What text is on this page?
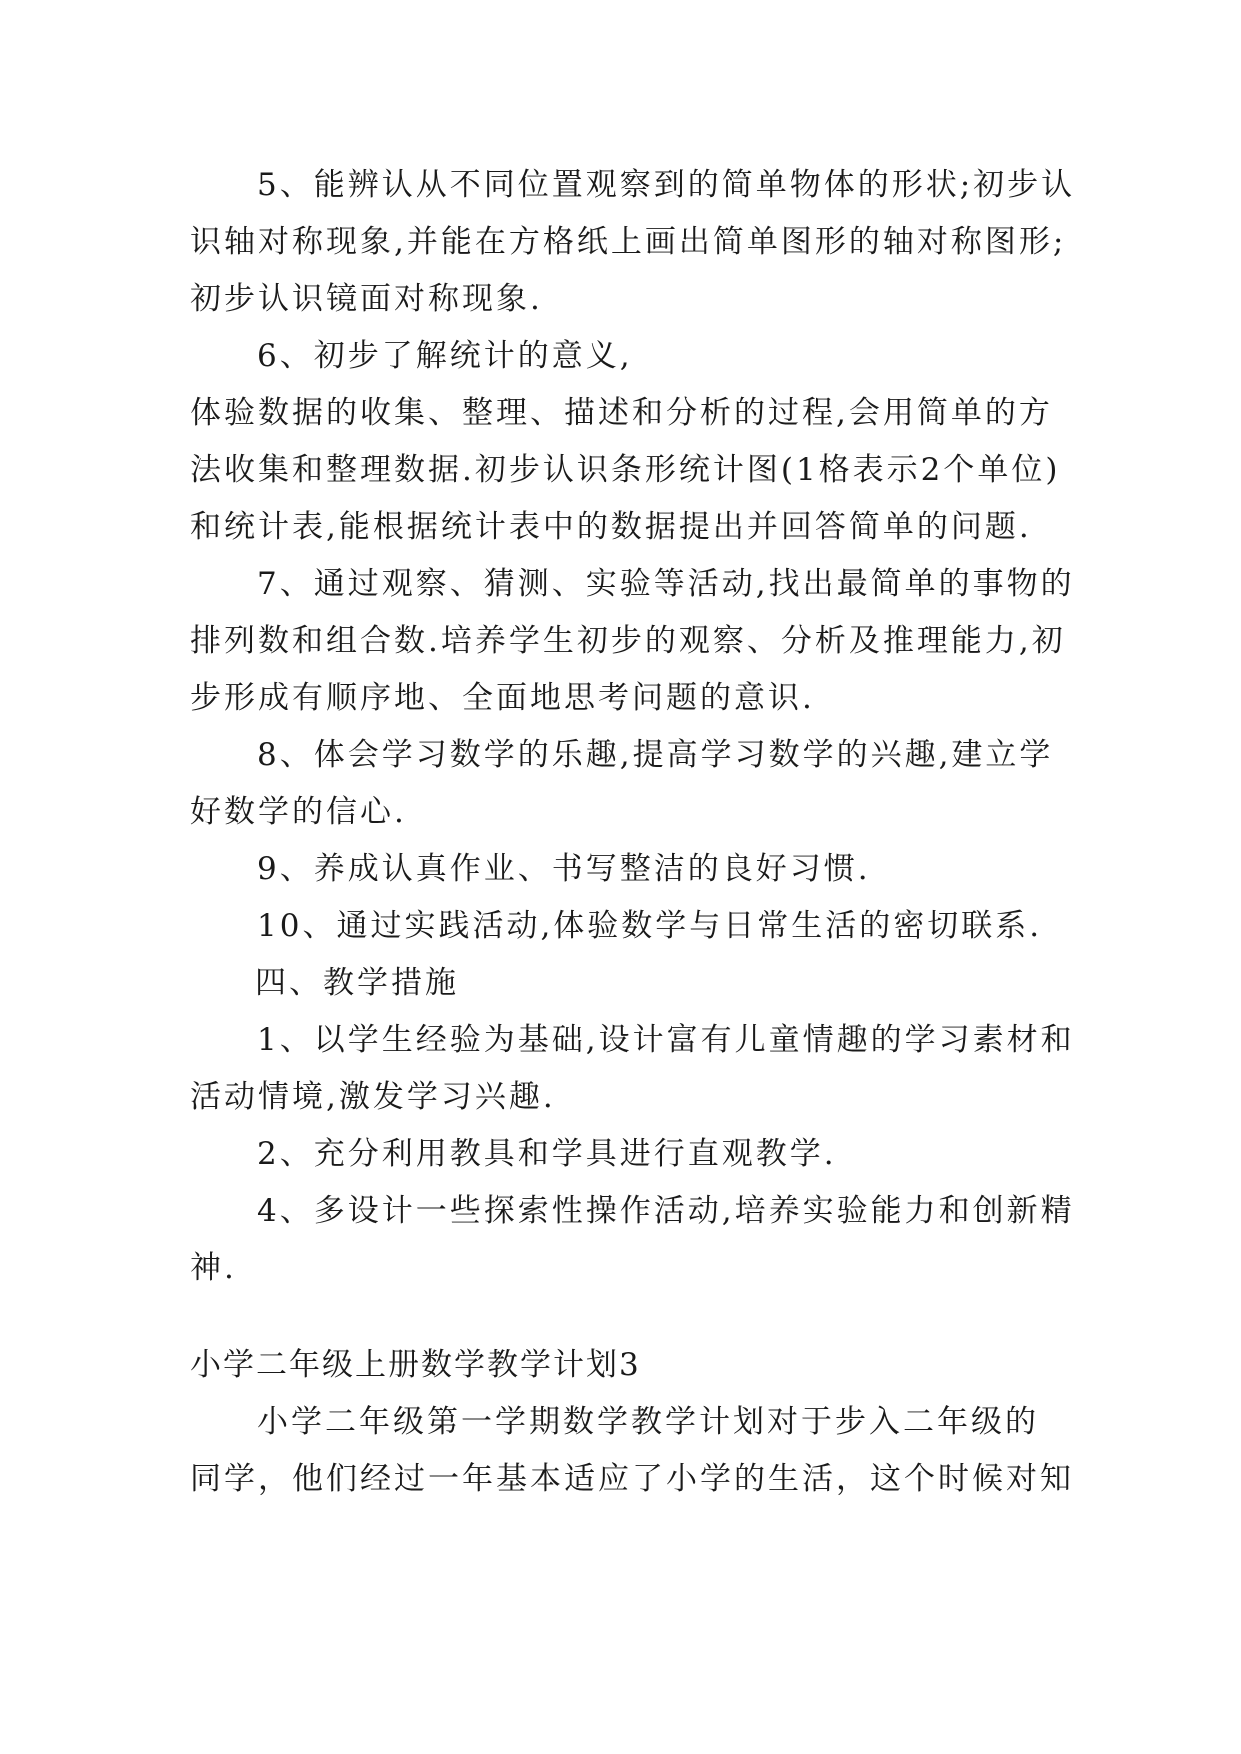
5、能辨认从不同位置观察到的简单物体的形状;初步认
识轴对称现象,并能在方格纸上画出简单图形的轴对称图形;
初步认识镜面对称现象.
6、初步了解统计的意义,
体验数据的收集、整理、描述和分析的过程,会用简单的方
法收集和整理数据.初步认识条形统计图(1格表示2个单位)
和统计表,能根据统计表中的数据提出并回答简单的问题.
7、通过观察、猜测、实验等活动,找出最简单的事物的
排列数和组合数.培养学生初步的观察、分析及推理能力,初
步形成有顺序地、全面地思考问题的意识.
8、体会学习数学的乐趣,提高学习数学的兴趣,建立学
好数学的信心.
9、养成认真作业、书写整洁的良好习惯.
10、通过实践活动,体验数学与日常生活的密切联系.
四、教学措施
1、以学生经验为基础,设计富有儿童情趣的学习素材和
活动情境,激发学习兴趣.
2、充分利用教具和学具进行直观教学.
4、多设计一些探索性操作活动,培养实验能力和创新精
神.
小学二年级上册数学教学计划3
小学二年级第一学期数学教学计划对于步入二年级的
同学，他们经过一年基本适应了小学的生活，这个时候对知
